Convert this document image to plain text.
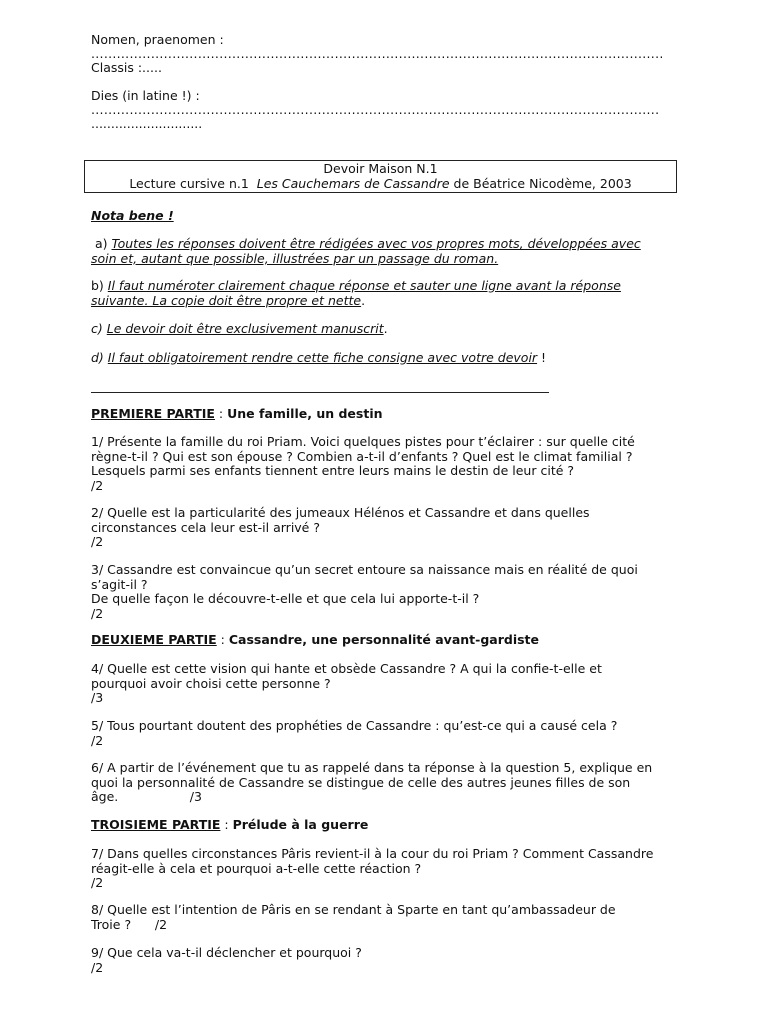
Nomen, praenomen :
......................................................................................................................................
Classis :.....
Dies (in latine !) :
.....................................................................................................................................
............................
Devoir Maison N.1
Lecture cursive n.1 Les Cauchemars de Cassandre de Béatrice Nicodème, 2003
Nota bene !
a) Toutes les réponses doivent être rédigées avec vos propres mots, développées avec
soin et, autant que possible, illustrées par un passage du roman.
b) Il faut numéroter clairement chaque réponse et sauter une ligne avant la réponse
suivante. La copie doit être propre et nette.
c) Le devoir doit être exclusivement manuscrit.
d) Il faut obligatoirement rendre cette fiche consigne avec votre devoir !
PREMIERE PARTIE : Une famille, un destin
1/ Présente la famille du roi Priam. Voici quelques pistes pour t’éclairer : sur quelle cité
règne-t-il ? Qui est son épouse ? Combien a-t-il d’enfants ? Quel est le climat familial ?
Lesquels parmi ses enfants tiennent entre leurs mains le destin de leur cité ?
/2
2/ Quelle est la particularité des jumeaux Hélénos et Cassandre et dans quelles
circonstances cela leur est-il arrivé ?
/2
3/ Cassandre est convaincue qu’un secret entoure sa naissance mais en réalité de quoi
s’agit-il ?
De quelle façon le découvre-t-elle et que cela lui apporte-t-il ?
/2
DEUXIEME PARTIE : Cassandre, une personnalité avant-gardiste
4/ Quelle est cette vision qui hante et obsède Cassandre ? A qui la confie-t-elle et
pourquoi avoir choisi cette personne ?
/3
5/ Tous pourtant doutent des prophéties de Cassandre : qu’est-ce qui a causé cela ?
/2
6/ A partir de l’événement que tu as rappelé dans ta réponse à la question 5, explique en
quoi la personnalité de Cassandre se distingue de celle des autres jeunes filles de son
âge.                  /3
TROISIEME PARTIE : Prélude à la guerre
7/ Dans quelles circonstances Pâris revient-il à la cour du roi Priam ? Comment Cassandre
réagit-elle à cela et pourquoi a-t-elle cette réaction ?
/2
8/ Quelle est l’intention de Pâris en se rendant à Sparte en tant qu’ambassadeur de
Troie ?      /2
9/ Que cela va-t-il déclencher et pourquoi ?
/2
